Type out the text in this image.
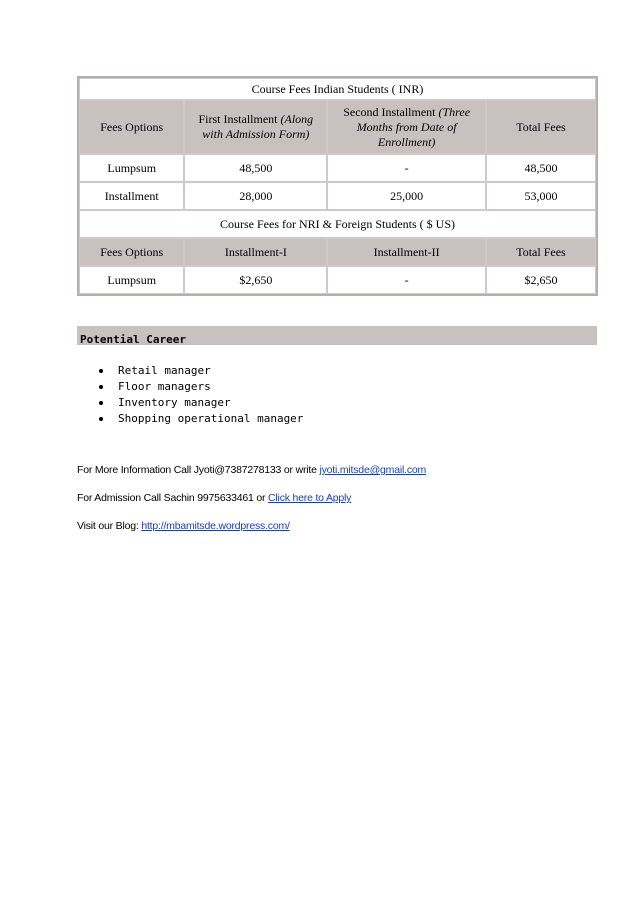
Course Fees Indian Students ( INR)			
Fees Options	First Installment (Along with Admission Form)	Second Installment (Three Months from Date of Enrollment)	Total Fees
Lumpsum	48,500	-	48,500
Installment	28,000	25,000	53,000
Course Fees for NRI & Foreign Students ( $ US)			
Fees Options	Installment-I	Installment-II	Total Fees
Lumpsum	$2,650	-	$2,650
Potential Career
Retail manager
Floor managers
Inventory manager
Shopping operational manager
For More Information Call Jyoti@7387278133 or write jyoti.mitsde@gmail.com
For Admission Call Sachin 9975633461 or Click here to Apply
Visit our Blog: http://mbamitsde.wordpress.com/
